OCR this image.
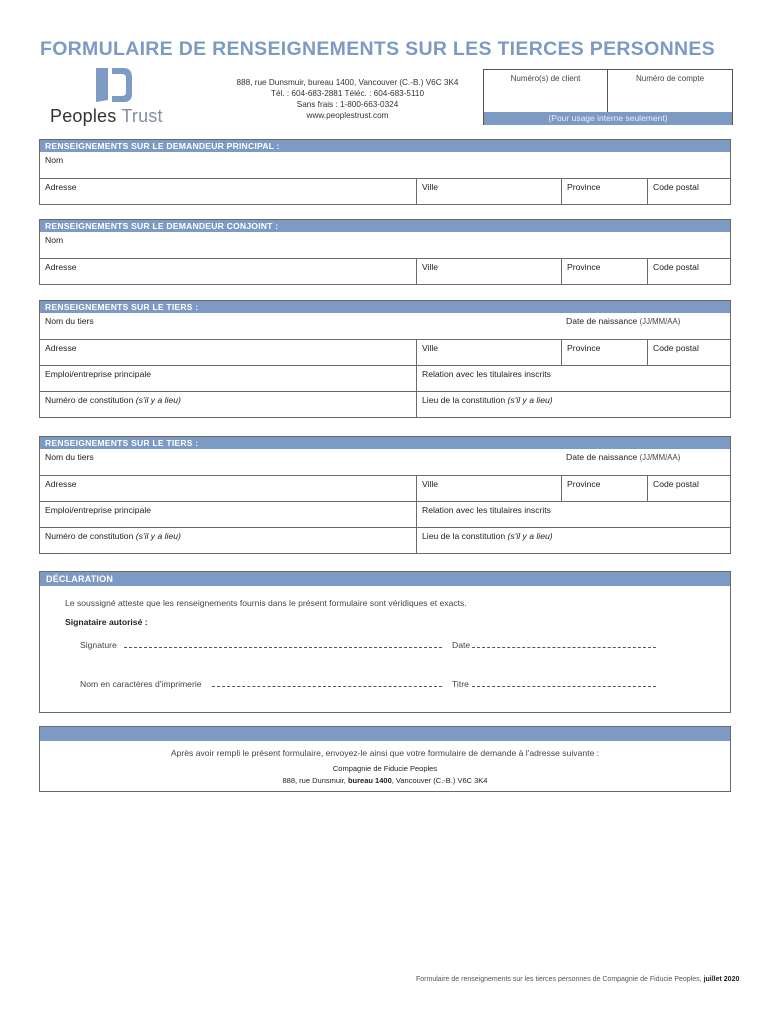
FORMULAIRE DE RENSEIGNEMENTS SUR LES TIERCES PERSONNES
Peoples Trust
888, rue Dunsmuir, bureau 1400, Vancouver (C.-B.) V6C 3K4
Tél. : 604-683-2881 Téléc. : 604-683-5110
Sans frais : 1-800-663-0324
www.peoplestrust.com
Numéro(s) de client	Numéro de compte
(Pour usage interne seulement)
RENSEIGNEMENTS SUR LE DEMANDEUR PRINCIPAL :
Nom
Adresse	Ville	Province	Code postal
RENSEIGNEMENTS SUR LE DEMANDEUR CONJOINT :
Nom
Adresse	Ville	Province	Code postal
RENSEIGNEMENTS SUR LE TIERS :
Nom du tiers	Date de naissance (JJ/MM/AA)
Adresse	Ville	Province	Code postal
Emploi/entreprise principale	Relation avec les titulaires inscrits
Numéro de constitution (s'il y a lieu)	Lieu de la constitution (s'il y a lieu)
RENSEIGNEMENTS SUR LE TIERS :
Nom du tiers	Date de naissance (JJ/MM/AA)
Adresse	Ville	Province	Code postal
Emploi/entreprise principale	Relation avec les titulaires inscrits
Numéro de constitution (s'il y a lieu)	Lieu de la constitution (s'il y a lieu)
DÉCLARATION
Le soussigné atteste que les renseignements fournis dans le présent formulaire sont véridiques et exacts.
Signataire autorisé :
Signature	Date
Nom en caractères d'imprimerie	Titre
Après avoir rempli le présent formulaire, envoyez-le ainsi que votre formulaire de demande à l'adresse suivante :
Compagnie de Fiducie Peoples
888, rue Dunsmuir, bureau 1400, Vancouver (C.-B.) V6C 3K4
Formulaire de renseignements sur les tierces personnes de Compagnie de Fiducie Peoples, juillet 2020
